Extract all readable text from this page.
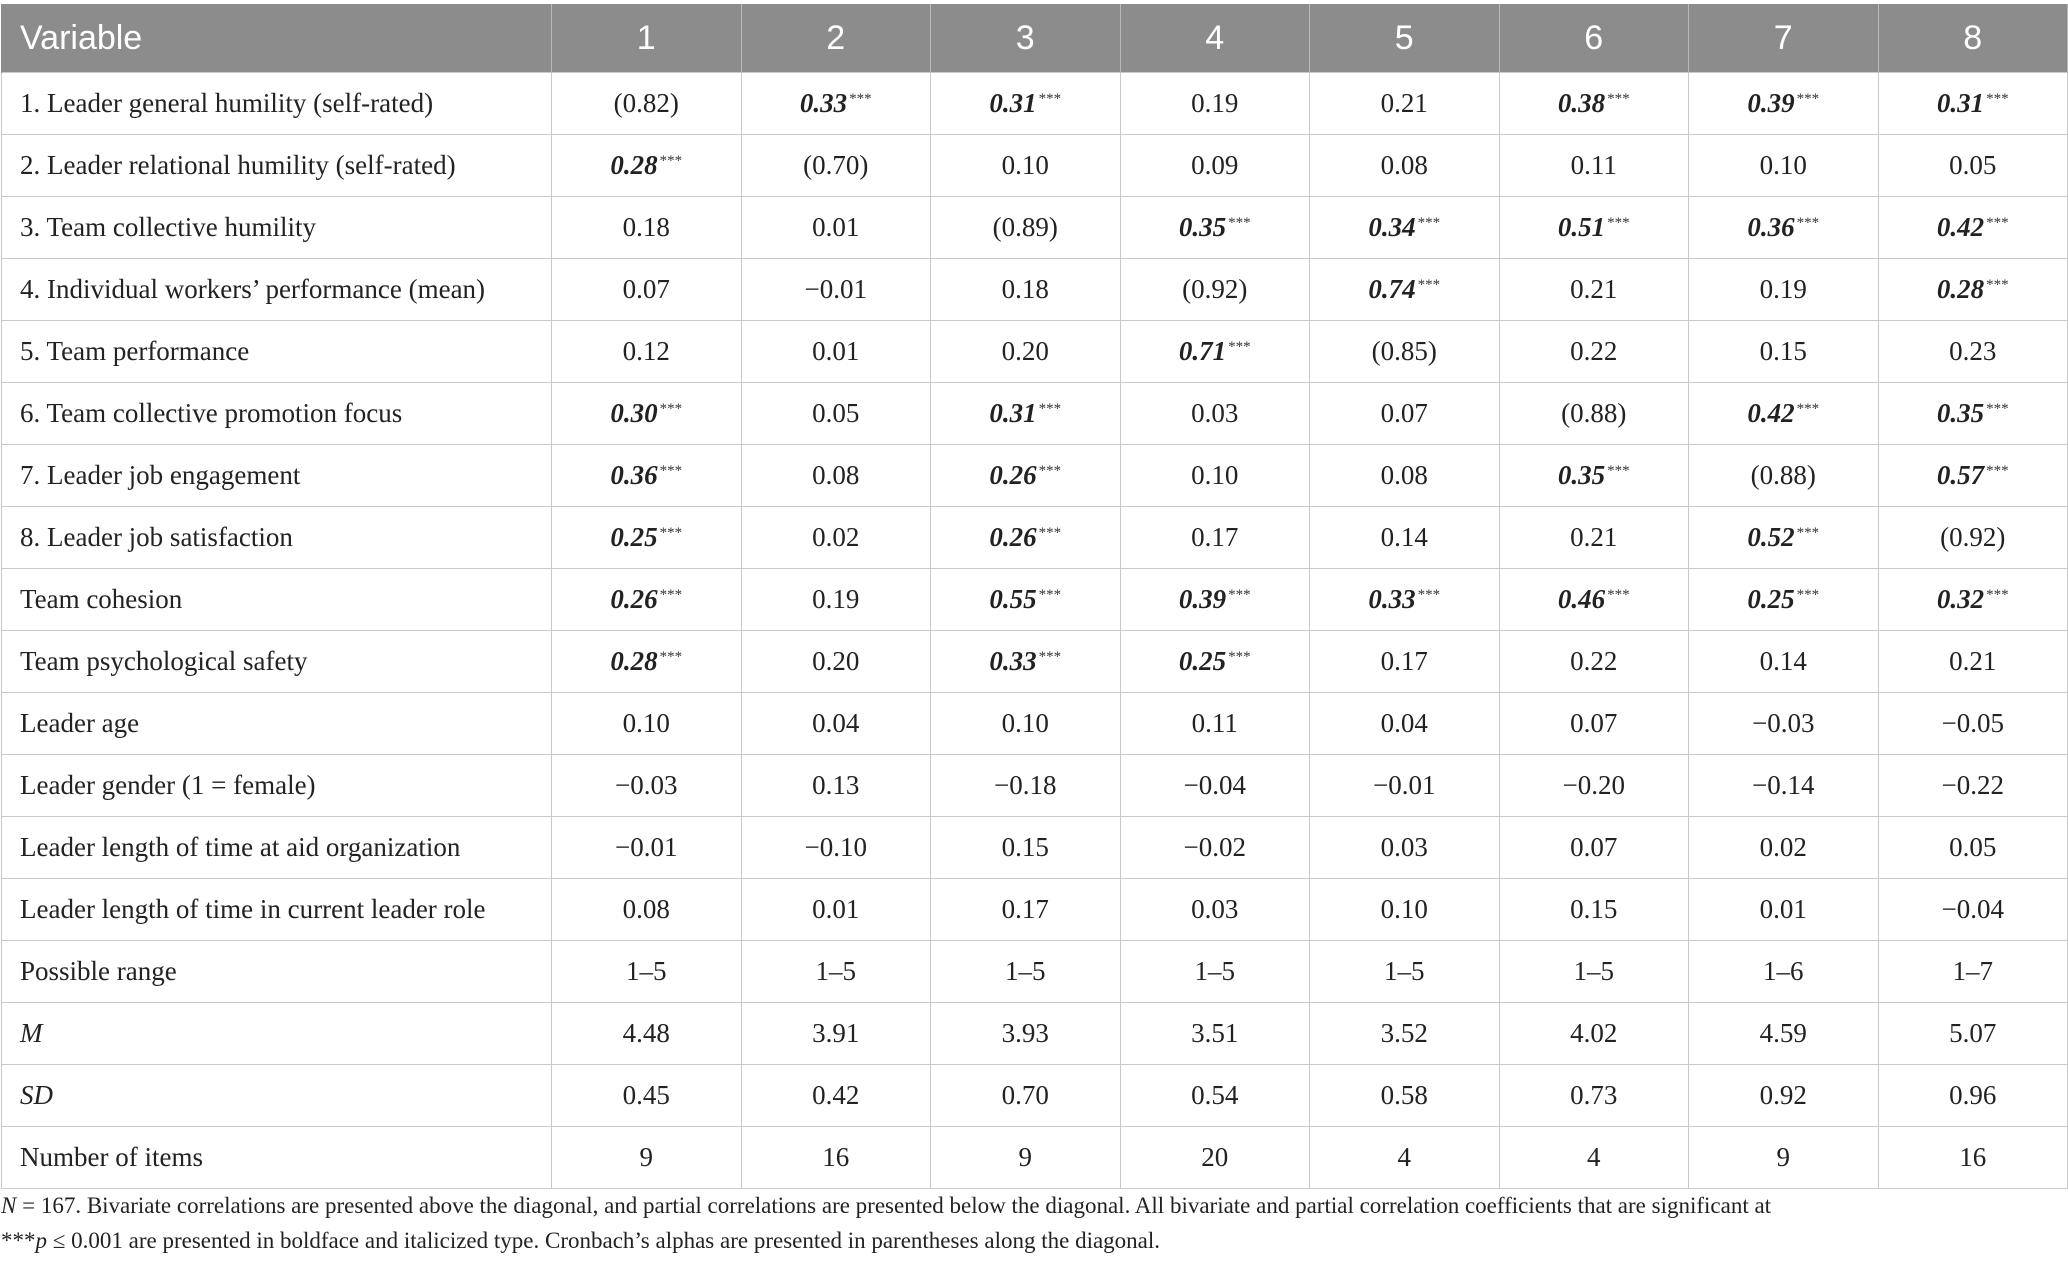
Variable	1	2	3	4	5	6	7	8
1. Leader general humility (self-rated)	(0.82)	0.33 ***	0.31 ***	0.19	0.21	0.38 ***	0.39 ***	0.31 ***
2. Leader relational humility (self-rated)	0.28 ***	(0.70)	0.10	0.09	0.08	0.11	0.10	0.05
3. Team collective humility	0.18	0.01	(0.89)	0.35 ***	0.34 ***	0.51 ***	0.36 ***	0.42 ***
4. Individual workers’ performance (mean)	0.07	−0.01	0.18	(0.92)	0.74 ***	0.21	0.19	0.28 ***
5. Team performance	0.12	0.01	0.20	0.71 ***	(0.85)	0.22	0.15	0.23
6. Team collective promotion focus	0.30 ***	0.05	0.31 ***	0.03	0.07	(0.88)	0.42 ***	0.35 ***
7. Leader job engagement	0.36 ***	0.08	0.26 ***	0.10	0.08	0.35 ***	(0.88)	0.57 ***
8. Leader job satisfaction	0.25 ***	0.02	0.26 ***	0.17	0.14	0.21	0.52 ***	(0.92)
Team cohesion	0.26 ***	0.19	0.55 ***	0.39 ***	0.33 ***	0.46 ***	0.25 ***	0.32 ***
Team psychological safety	0.28 ***	0.20	0.33 ***	0.25 ***	0.17	0.22	0.14	0.21
Leader age	0.10	0.04	0.10	0.11	0.04	0.07	−0.03	−0.05
Leader gender (1 = female)	−0.03	0.13	−0.18	−0.04	−0.01	−0.20	−0.14	−0.22
Leader length of time at aid organization	−0.01	−0.10	0.15	−0.02	0.03	0.07	0.02	0.05
Leader length of time in current leader role	0.08	0.01	0.17	0.03	0.10	0.15	0.01	−0.04
Possible range	1–5	1–5	1–5	1–5	1–5	1–5	1–6	1–7
M	4.48	3.91	3.93	3.51	3.52	4.02	4.59	5.07
SD	0.45	0.42	0.70	0.54	0.58	0.73	0.92	0.96
Number of items	9	16	9	20	4	4	9	16
N = 167. Bivariate correlations are presented above the diagonal, and partial correlations are presented below the diagonal. All bivariate and partial correlation coefficients that are significant at
***p ≤ 0.001 are presented in boldface and italicized type. Cronbach’s alphas are presented in parentheses along the diagonal.
